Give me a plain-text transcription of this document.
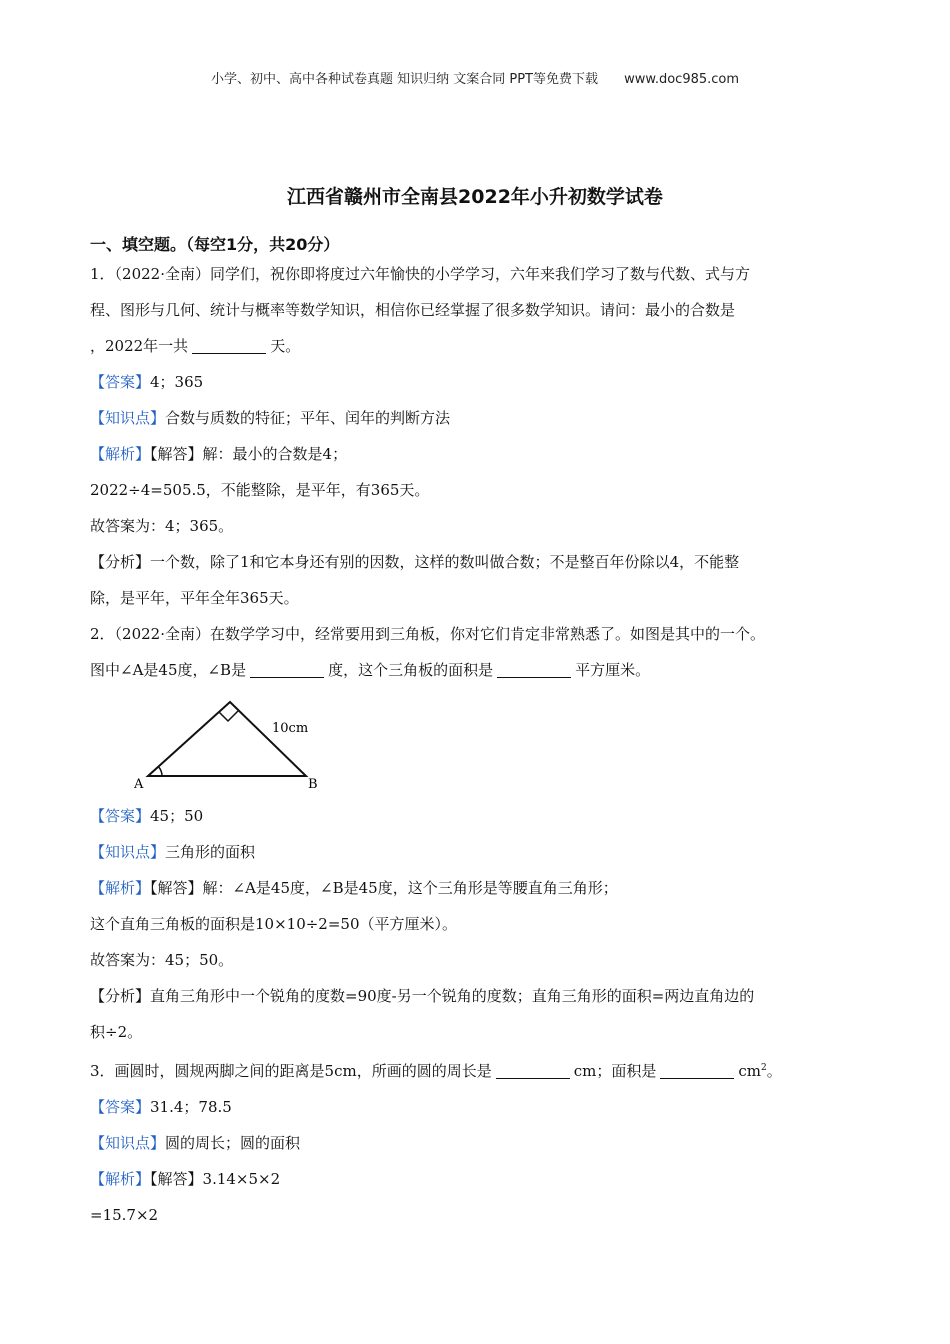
小学、初中、高中各种试卷真题 知识归纳 文案合同 PPT等免费下载 www.doc985.com
江西省赣州市全南县2022年小升初数学试卷
一、填空题。（每空1分，共20分）

1．（2022·全南）同学们，祝你即将度过六年愉快的小学学习，六年来我们学习了数与代数、式与方

程、图形与几何、统计与概率等数学知识，相信你已经掌握了很多数学知识。请问：最小的合数是

，2022年一共	天。

【答案】4；365

【知识点】合数与质数的特征；平年、闰年的判断方法

【解析】【解答】解：最小的合数是4；

2022÷4=505.5，不能整除，是平年，有365天。

故答案为：4；365。

【分析】一个数，除了1和它本身还有别的因数，这样的数叫做合数；不是整百年份除以4，不能整

除，是平年，平年全年365天。

2．（2022·全南）在数学学习中，经常要用到三角板，你对它们肯定非常熟悉了。如图是其中的一个。

图中∠A是45度，∠B是	度，这个三角板的面积是	平方厘米。

10cm
A	B

【答案】45；50

【知识点】三角形的面积

【解析】【解答】解：∠A是45度，∠B是45度，这个三角形是等腰直角三角形；

这个直角三角板的面积是10×10÷2=50（平方厘米）。

故答案为：45；50。

【分析】直角三角形中一个锐角的度数=90度-另一个锐角的度数；直角三角形的面积=两边直角边的

积÷2。

3．画圆时，圆规两脚之间的距离是5cm，所画的圆的周长是	cm；面积是	$cm^2$。

【答案】31.4；78.5

【知识点】圆的周长；圆的面积

【解析】【解答】3.14×5×2

=15.7×2
